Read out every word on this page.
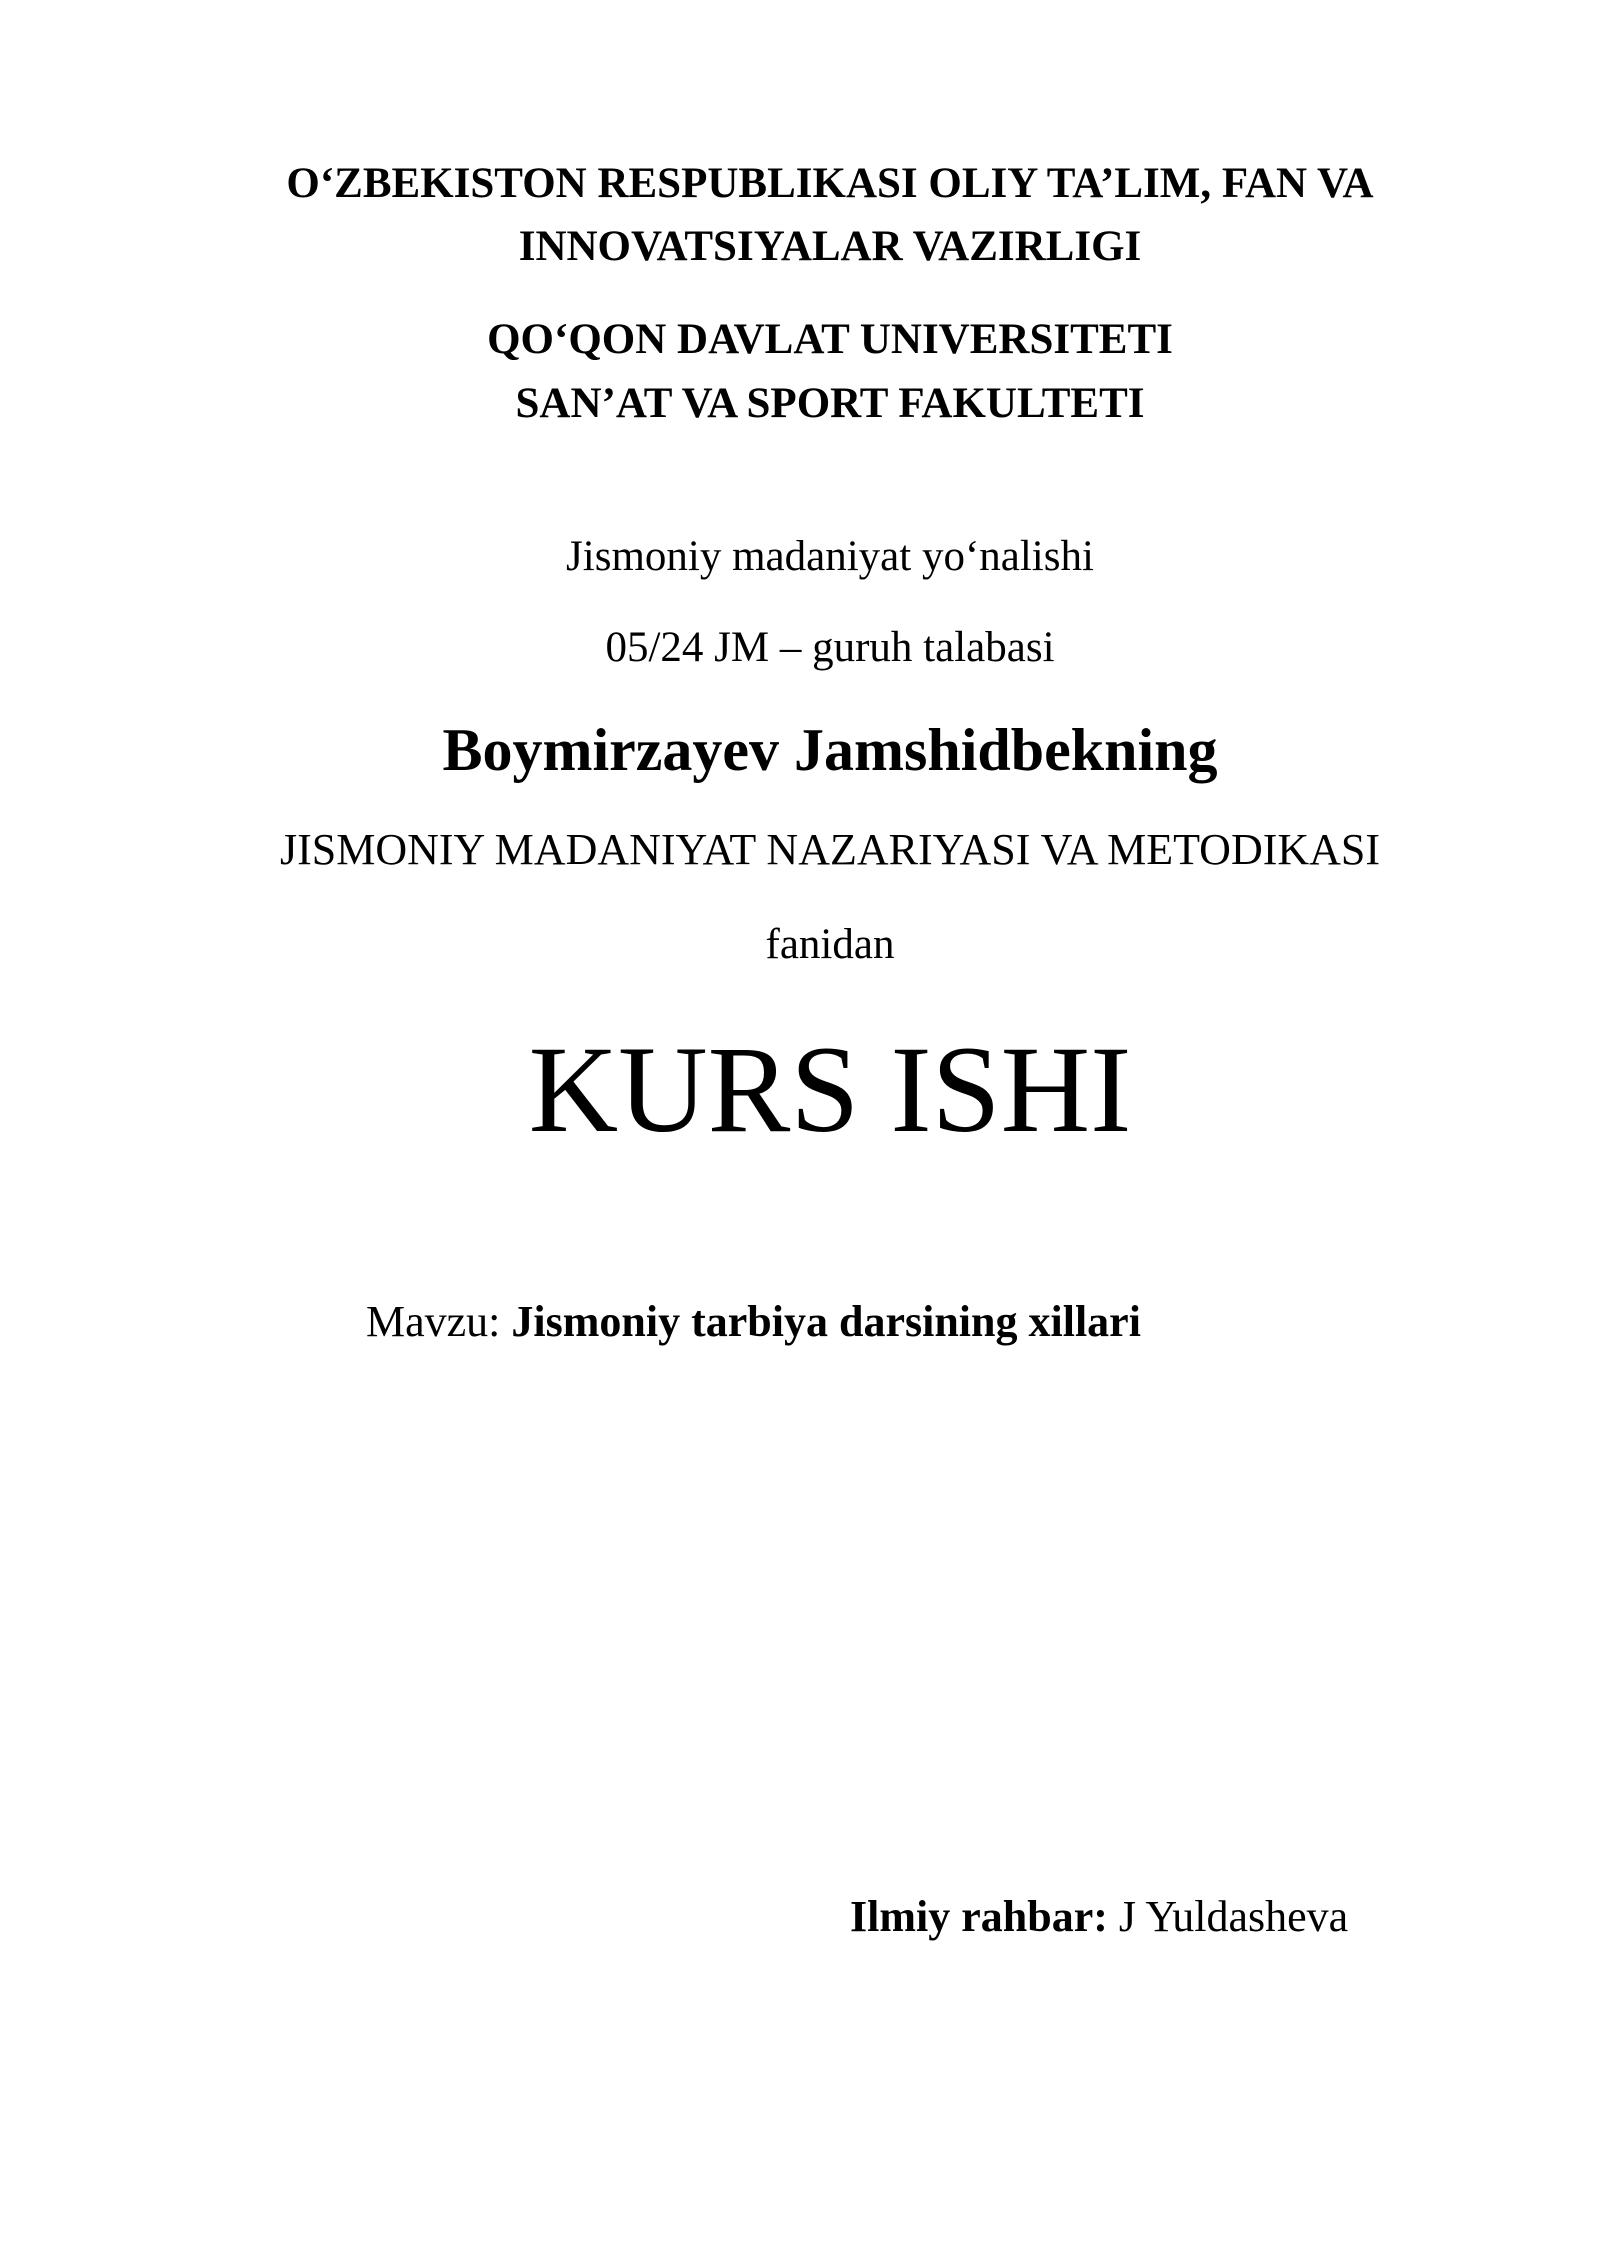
O‘ZBEKISTON RESPUBLIKASI OLIY TA’LIM, FAN VA
INNOVATSIYALAR VAZIRLIGI
QO‘QON DAVLAT UNIVERSITETI
SAN’AT VA SPORT FAKULTETI
Jismoniy madaniyat yo‘nalishi
05/24 JM – guruh talabasi
Boymirzayev Jamshidbekning
JISMONIY MADANIYAT NAZARIYASI VA METODIKASI
fanidan
KURS ISHI
Mavzu: Jismoniy tarbiya darsining xillari
Ilmiy rahbar: J Yuldasheva
